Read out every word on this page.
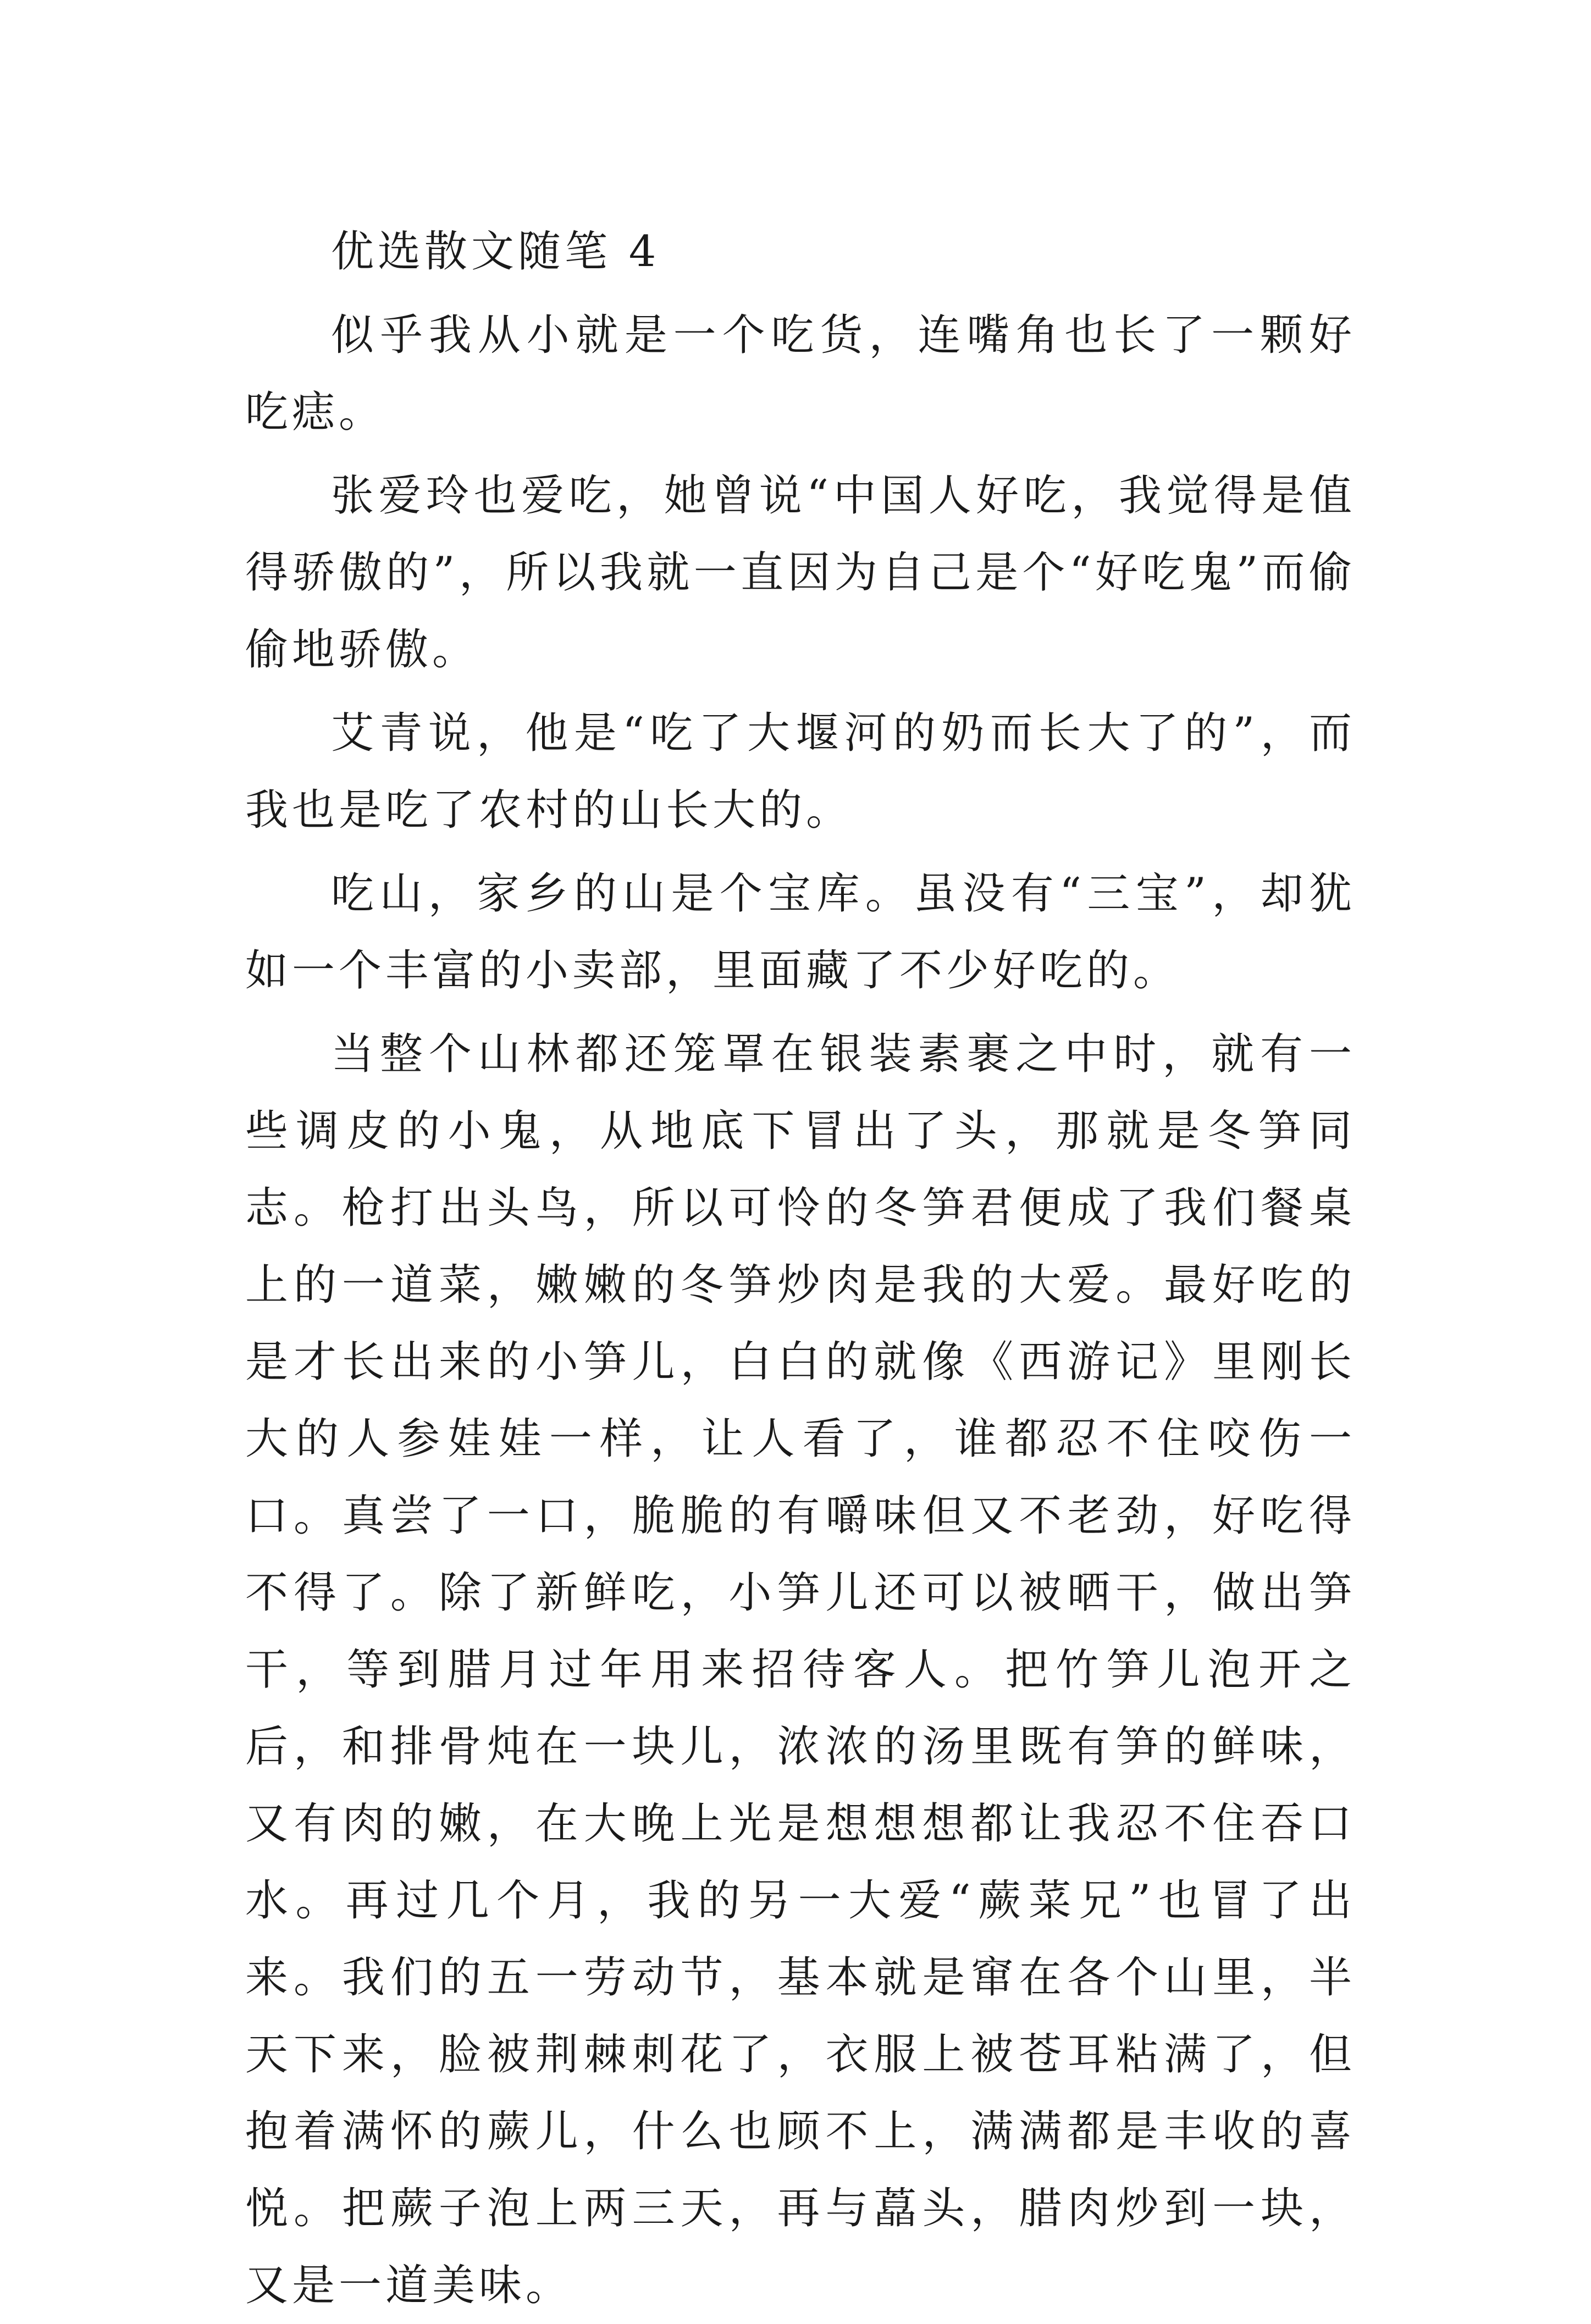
优选散文随笔 4

似乎我从小就是一个吃货，连嘴角也长了一颗好吃痣。

张爱玲也爱吃，她曾说“中国人好吃，我觉得是值得骄傲的”，所以我就一直因为自己是个“好吃鬼”而偷偷地骄傲。

艾青说，他是“吃了大堰河的奶而长大了的”，而我也是吃了农村的山长大的。

吃山，家乡的山是个宝库。虽没有“三宝”，却犹如一个丰富的小卖部，里面藏了不少好吃的。

当整个山林都还笼罩在银装素裹之中时，就有一些调皮的小鬼，从地底下冒出了头，那就是冬笋同志。枪打出头鸟，所以可怜的冬笋君便成了我们餐桌上的一道菜，嫩嫩的冬笋炒肉是我的大爱。最好吃的是才长出来的小笋儿，白白的就像《西游记》里刚长大的人参娃娃一样，让人看了，谁都忍不住咬伤一口。真尝了一口，脆脆的有嚼味但又不老劲，好吃得不得了。除了新鲜吃，小笋儿还可以被晒干，做出笋干，等到腊月过年用来招待客人。把竹笋儿泡开之后，和排骨炖在一块儿，浓浓的汤里既有笋的鲜味，又有肉的嫩，在大晚上光是想想想都让我忍不住吞口水。再过几个月，我的另一大爱“蕨菜兄”也冒了出来。我们的五一劳动节，基本就是窜在各个山里，半天下来，脸被荆棘刺花了，衣服上被苍耳粘满了，但抱着满怀的蕨儿，什么也顾不上，满满都是丰收的喜悦。把蕨子泡上两三天，再与藠头，腊肉炒到一块，又是一道美味。
